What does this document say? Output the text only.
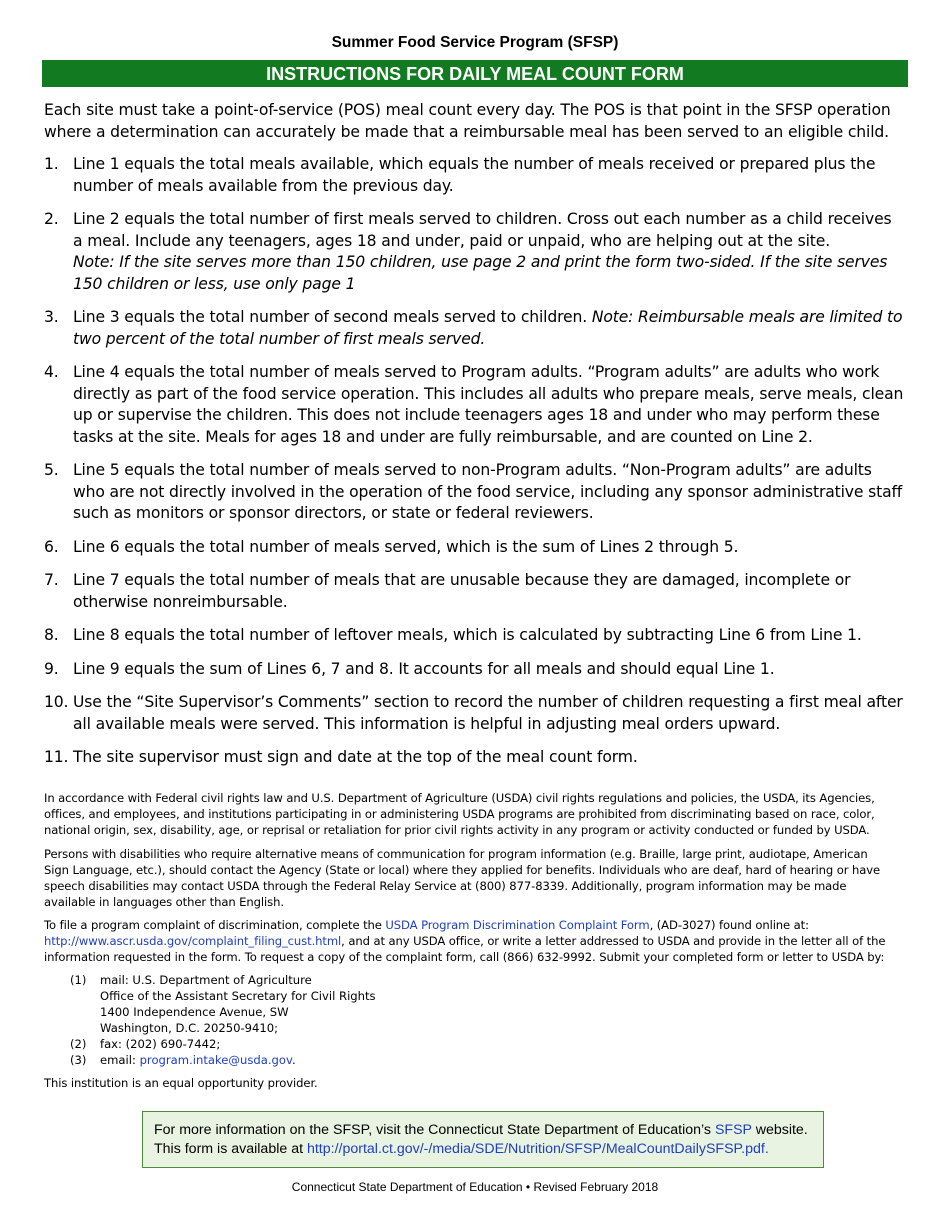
Summer Food Service Program (SFSP)
INSTRUCTIONS FOR DAILY MEAL COUNT FORM
Each site must take a point-of-service (POS) meal count every day. The POS is that point in the SFSP operation where a determination can accurately be made that a reimbursable meal has been served to an eligible child.
1. Line 1 equals the total meals available, which equals the number of meals received or prepared plus the number of meals available from the previous day.
2. Line 2 equals the total number of first meals served to children. Cross out each number as a child receives a meal. Include any teenagers, ages 18 and under, paid or unpaid, who are helping out at the site.
Note: If the site serves more than 150 children, use page 2 and print the form two-sided. If the site serves 150 children or less, use only page 1
3. Line 3 equals the total number of second meals served to children. Note: Reimbursable meals are limited to two percent of the total number of first meals served.
4. Line 4 equals the total number of meals served to Program adults. “Program adults” are adults who work directly as part of the food service operation. This includes all adults who prepare meals, serve meals, clean up or supervise the children. This does not include teenagers ages 18 and under who may perform these tasks at the site. Meals for ages 18 and under are fully reimbursable, and are counted on Line 2.
5. Line 5 equals the total number of meals served to non-Program adults. “Non-Program adults” are adults who are not directly involved in the operation of the food service, including any sponsor administrative staff such as monitors or sponsor directors, or state or federal reviewers.
6. Line 6 equals the total number of meals served, which is the sum of Lines 2 through 5.
7. Line 7 equals the total number of meals that are unusable because they are damaged, incomplete or otherwise nonreimbursable.
8. Line 8 equals the total number of leftover meals, which is calculated by subtracting Line 6 from Line 1.
9. Line 9 equals the sum of Lines 6, 7 and 8. It accounts for all meals and should equal Line 1.
10. Use the “Site Supervisor’s Comments” section to record the number of children requesting a first meal after all available meals were served. This information is helpful in adjusting meal orders upward.
11. The site supervisor must sign and date at the top of the meal count form.
In accordance with Federal civil rights law and U.S. Department of Agriculture (USDA) civil rights regulations and policies, the USDA, its Agencies, offices, and employees, and institutions participating in or administering USDA programs are prohibited from discriminating based on race, color, national origin, sex, disability, age, or reprisal or retaliation for prior civil rights activity in any program or activity conducted or funded by USDA.
Persons with disabilities who require alternative means of communication for program information (e.g. Braille, large print, audiotape, American Sign Language, etc.), should contact the Agency (State or local) where they applied for benefits. Individuals who are deaf, hard of hearing or have speech disabilities may contact USDA through the Federal Relay Service at (800) 877-8339. Additionally, program information may be made available in languages other than English.
To file a program complaint of discrimination, complete the USDA Program Discrimination Complaint Form, (AD-3027) found online at: http://www.ascr.usda.gov/complaint_filing_cust.html, and at any USDA office, or write a letter addressed to USDA and provide in the letter all of the information requested in the form. To request a copy of the complaint form, call (866) 632-9992. Submit your completed form or letter to USDA by:
(1) mail: U.S. Department of Agriculture
Office of the Assistant Secretary for Civil Rights
1400 Independence Avenue, SW
Washington, D.C. 20250-9410;
(2) fax: (202) 690-7442;
(3) email: program.intake@usda.gov.
This institution is an equal opportunity provider.
For more information on the SFSP, visit the Connecticut State Department of Education’s SFSP website.
This form is available at http://portal.ct.gov/-/media/SDE/Nutrition/SFSP/MealCountDailySFSP.pdf.
Connecticut State Department of Education • Revised February 2018
